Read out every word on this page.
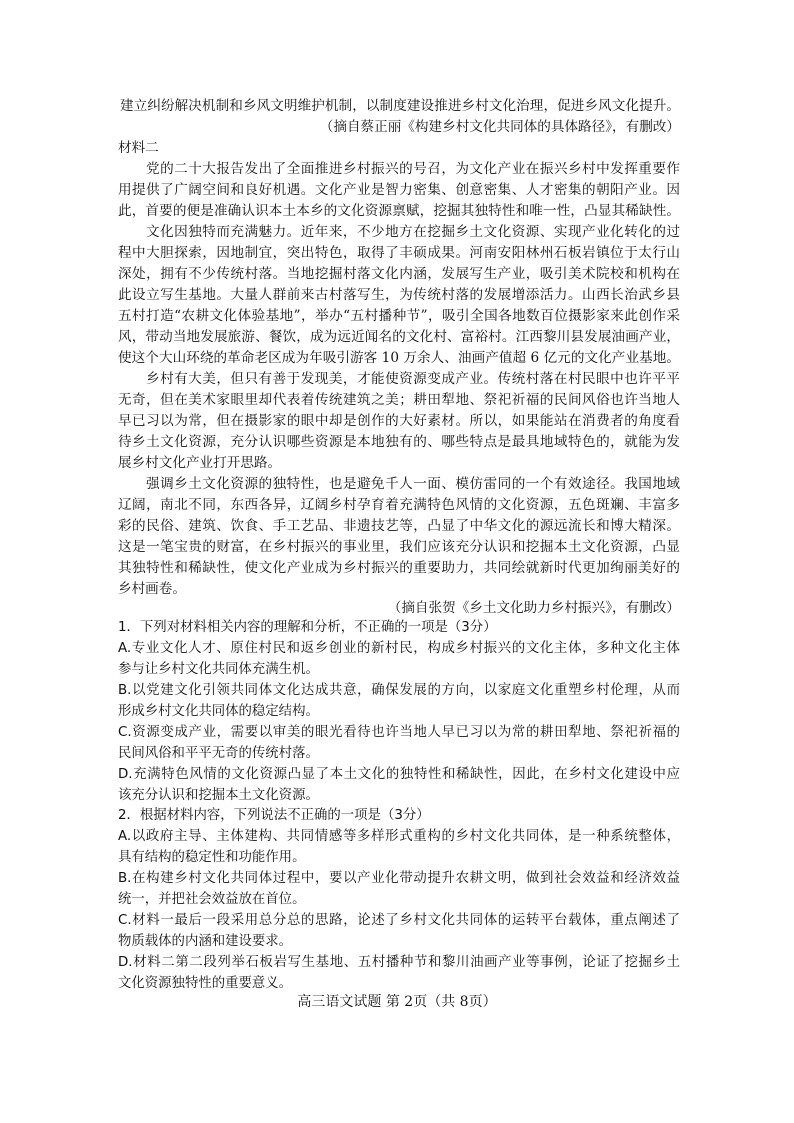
建立纠纷解决机制和乡风文明维护机制，以制度建设推进乡村文化治理，促进乡风文化提升。
（摘自蔡正丽《构建乡村文化共同体的具体路径》，有删改）
材料二
党的二十大报告发出了全面推进乡村振兴的号召，为文化产业在振兴乡村中发挥重要作
用提供了广阔空间和良好机遇。文化产业是智力密集、创意密集、人才密集的朝阳产业。因
此，首要的便是准确认识本土本乡的文化资源禀赋，挖掘其独特性和唯一性，凸显其稀缺性。
文化因独特而充满魅力。近年来，不少地方在挖掘乡土文化资源、实现产业化转化的过
程中大胆探索，因地制宜，突出特色，取得了丰硕成果。河南安阳林州石板岩镇位于太行山
深处，拥有不少传统村落。当地挖掘村落文化内涵，发展写生产业，吸引美术院校和机构在
此设立写生基地。大量人群前来古村落写生，为传统村落的发展增添活力。山西长治武乡县
五村打造“农耕文化体验基地”，举办“五村播种节”，吸引全国各地数百位摄影家来此创作采
风，带动当地发展旅游、餐饮，成为远近闻名的文化村、富裕村。江西黎川县发展油画产业，
使这个大山环绕的革命老区成为年吸引游客 10 万余人、油画产值超 6 亿元的文化产业基地。
乡村有大美，但只有善于发现美，才能使资源变成产业。传统村落在村民眼中也许平平
无奇，但在美术家眼里却代表着传统建筑之美；耕田犁地、祭祀祈福的民间风俗也许当地人
早已习以为常，但在摄影家的眼中却是创作的大好素材。所以，如果能站在消费者的角度看
待乡土文化资源，充分认识哪些资源是本地独有的、哪些特点是最具地域特色的，就能为发
展乡村文化产业打开思路。
强调乡土文化资源的独特性，也是避免千人一面、模仿雷同的一个有效途径。我国地域
辽阔，南北不同，东西各异，辽阔乡村孕育着充满特色风情的文化资源，五色斑斓、丰富多
彩的民俗、建筑、饮食、手工艺品、非遗技艺等，凸显了中华文化的源远流长和博大精深。
这是一笔宝贵的财富，在乡村振兴的事业里，我们应该充分认识和挖掘本土文化资源，凸显
其独特性和稀缺性，使文化产业成为乡村振兴的重要助力，共同绘就新时代更加绚丽美好的
乡村画卷。
（摘自张贺《乡土文化助力乡村振兴》，有删改）
1．下列对材料相关内容的理解和分析，不正确的一项是（3分）
A.专业文化人才、原住村民和返乡创业的新村民，构成乡村振兴的文化主体，多种文化主体
参与让乡村文化共同体充满生机。
B.以党建文化引领共同体文化达成共意，确保发展的方向，以家庭文化重塑乡村伦理，从而
形成乡村文化共同体的稳定结构。
C.资源变成产业，需要以审美的眼光看待也许当地人早已习以为常的耕田犁地、祭祀祈福的
民间风俗和平平无奇的传统村落。
D.充满特色风情的文化资源凸显了本土文化的独特性和稀缺性，因此，在乡村文化建设中应
该充分认识和挖掘本土文化资源。
2．根据材料内容，下列说法不正确的一项是（3分）
A.以政府主导、主体建构、共同情感等多样形式重构的乡村文化共同体，是一种系统整体，
具有结构的稳定性和功能作用。
B.在构建乡村文化共同体过程中，要以产业化带动提升农耕文明，做到社会效益和经济效益
统一，并把社会效益放在首位。
C.材料一最后一段采用总分总的思路，论述了乡村文化共同体的运转平台载体，重点阐述了
物质载体的内涵和建设要求。
D.材料二第二段列举石板岩写生基地、五村播种节和黎川油画产业等事例，论证了挖掘乡土
文化资源独特性的重要意义。
高三语文试题 第 2页（共 8页）
